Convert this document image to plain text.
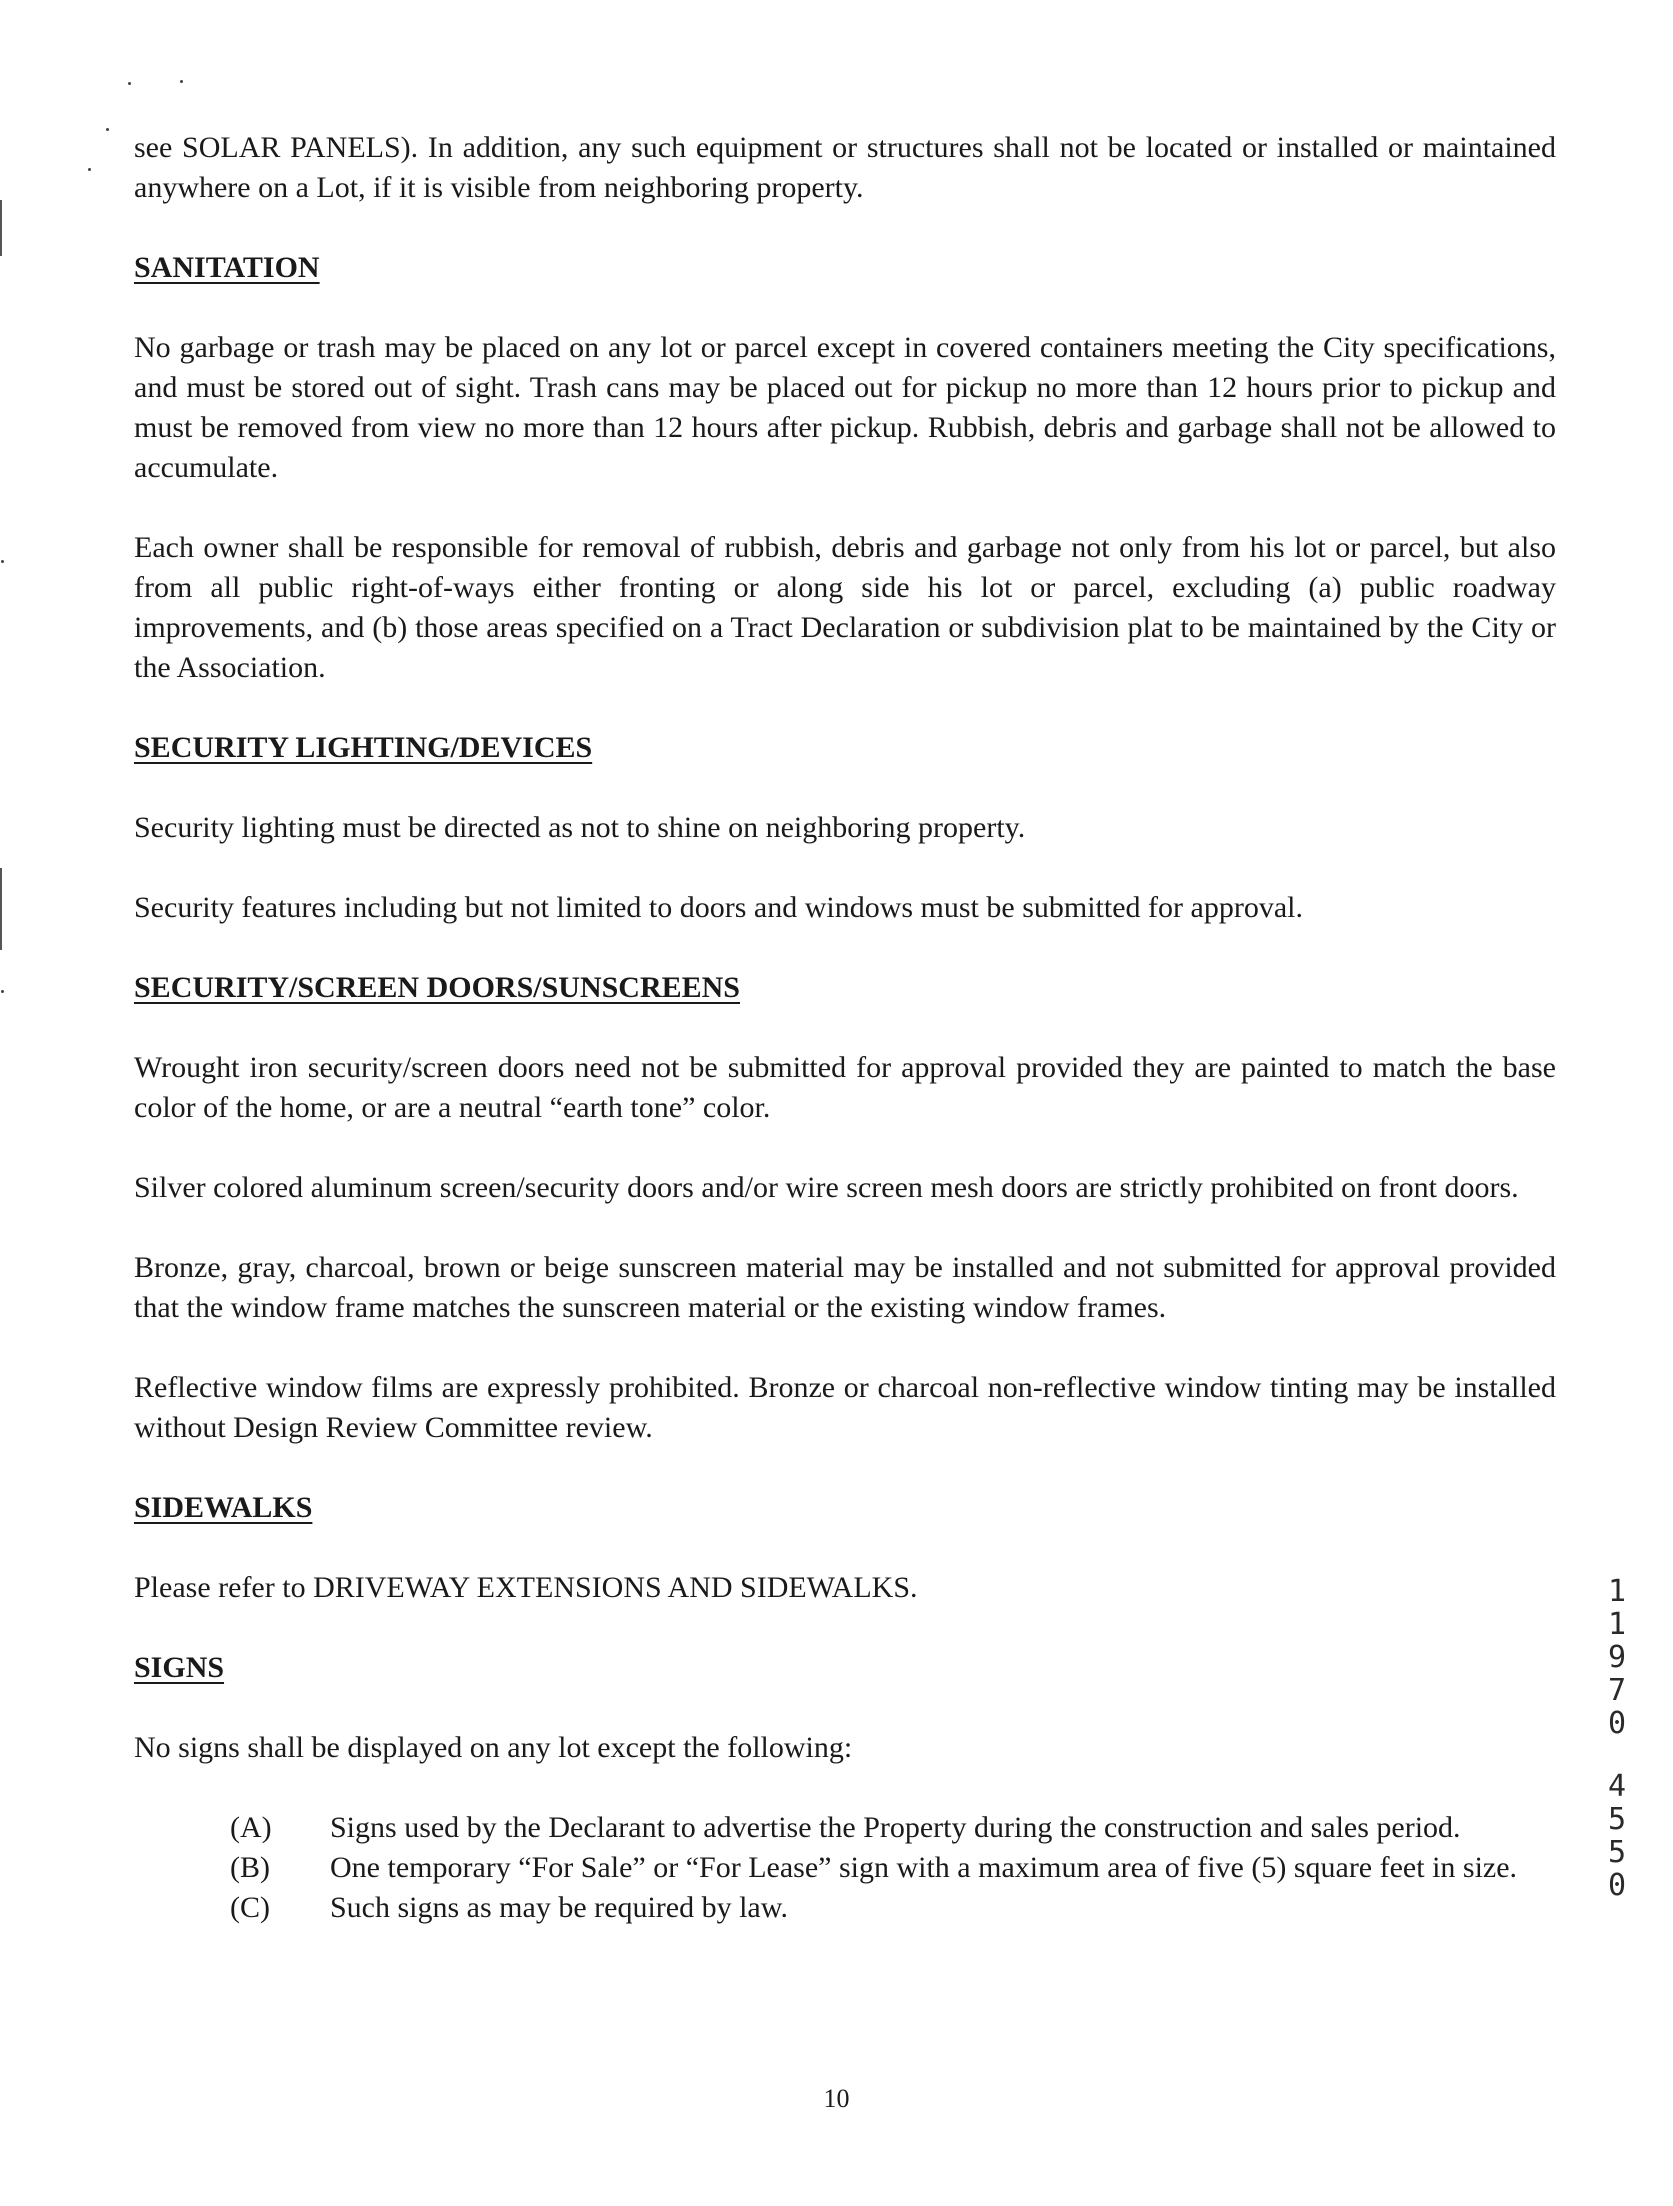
see SOLAR PANELS). In addition, any such equipment or structures shall not be located or installed or maintained anywhere on a Lot, if it is visible from neighboring property.

SANITATION

No garbage or trash may be placed on any lot or parcel except in covered containers meeting the City specifications, and must be stored out of sight. Trash cans may be placed out for pickup no more than 12 hours prior to pickup and must be removed from view no more than 12 hours after pickup. Rubbish, debris and garbage shall not be allowed to accumulate.

Each owner shall be responsible for removal of rubbish, debris and garbage not only from his lot or parcel, but also from all public right-of-ways either fronting or along side his lot or parcel, excluding (a) public roadway improvements, and (b) those areas specified on a Tract Declaration or subdivision plat to be maintained by the City or the Association.

SECURITY LIGHTING/DEVICES

Security lighting must be directed as not to shine on neighboring property.

Security features including but not limited to doors and windows must be submitted for approval.

SECURITY/SCREEN DOORS/SUNSCREENS

Wrought iron security/screen doors need not be submitted for approval provided they are painted to match the base color of the home, or are a neutral “earth tone” color.

Silver colored aluminum screen/security doors and/or wire screen mesh doors are strictly prohibited on front doors.

Bronze, gray, charcoal, brown or beige sunscreen material may be installed and not submitted for approval provided that the window frame matches the sunscreen material or the existing window frames.

Reflective window films are expressly prohibited. Bronze or charcoal non-reflective window tinting may be installed without Design Review Committee review.

SIDEWALKS

Please refer to DRIVEWAY EXTENSIONS AND SIDEWALKS.

SIGNS

No signs shall be displayed on any lot except the following:

(A)	Signs used by the Declarant to advertise the Property during the construction and sales period.
(B)	One temporary “For Sale” or “For Lease” sign with a maximum area of five (5) square feet in size.
(C)	Such signs as may be required by law.
1
1
9
7
0
4
5
5
0
10
